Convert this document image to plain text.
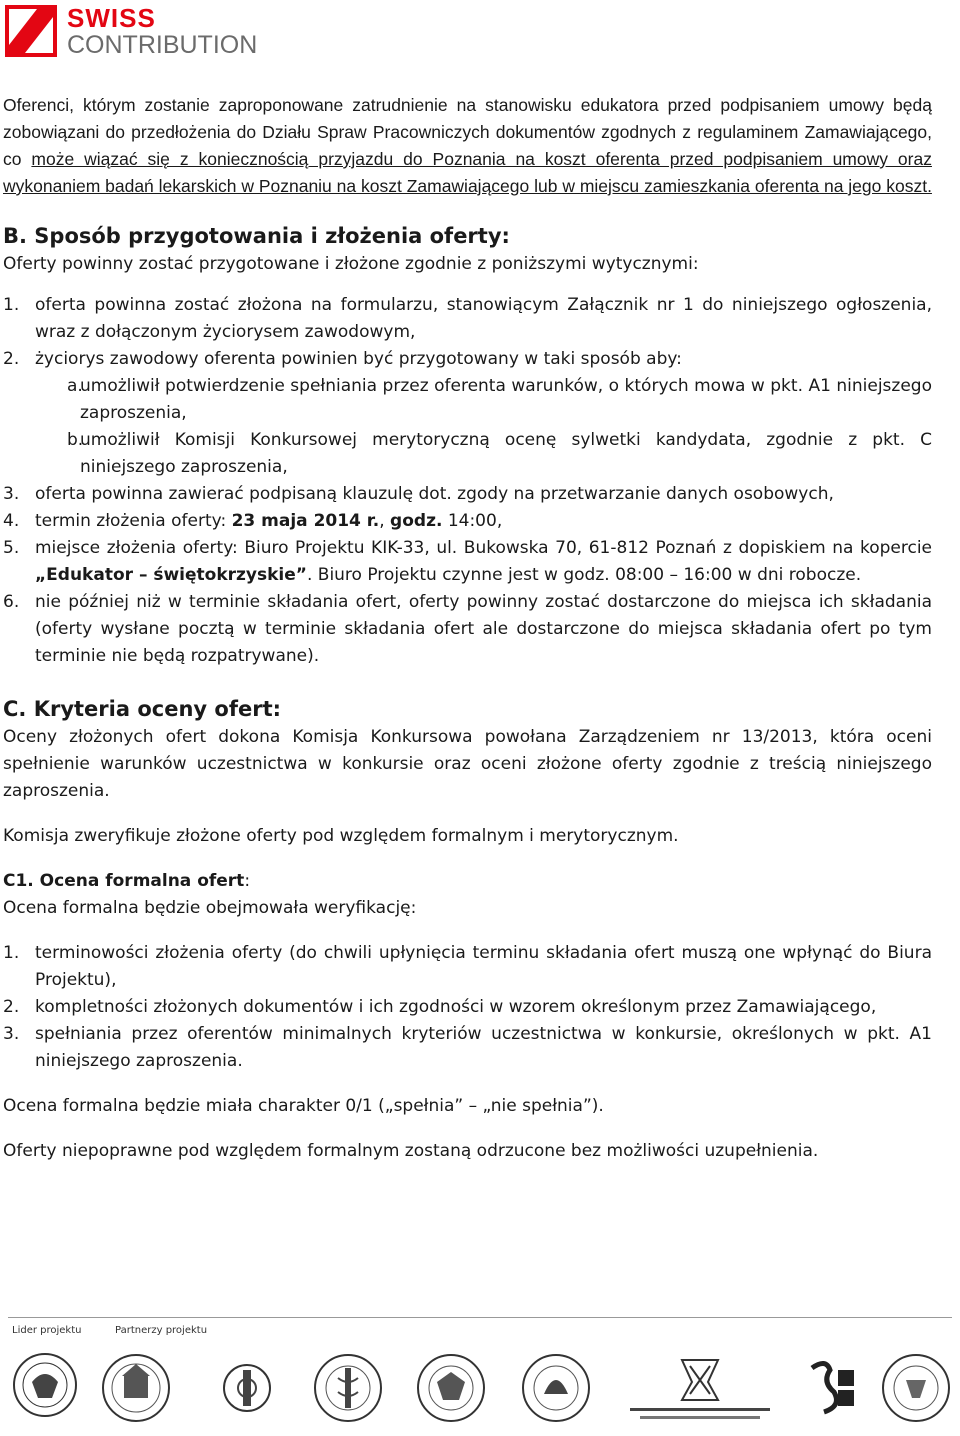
SWISS
CONTRIBUTION

Oferenci, którym zostanie zaproponowane zatrudnienie na stanowisku edukatora przed podpisaniem umowy będą zobowiązani do przedłożenia do Działu Spraw Pracowniczych dokumentów zgodnych z regulaminem Zamawiającego, co może wiązać się z koniecznością przyjazdu do Poznania na koszt oferenta przed podpisaniem umowy oraz wykonaniem badań lekarskich w Poznaniu na koszt Zamawiającego lub w miejscu zamieszkania oferenta na jego koszt.

B. Sposób przygotowania i złożenia oferty:

Oferty powinny zostać przygotowane i złożone zgodnie z poniższymi wytycznymi:

1. oferta powinna zostać złożona na formularzu, stanowiącym Załącznik nr 1 do niniejszego ogłoszenia, wraz z dołączonym życiorysem zawodowym,
2. życiorys zawodowy oferenta powinien być przygotowany w taki sposób aby:
a.
umożliwił potwierdzenie spełniania przez oferenta warunków, o których mowa w pkt. A1 niniejszego zaproszenia,
b.
umożliwił Komisji Konkursowej merytoryczną ocenę sylwetki kandydata, zgodnie z pkt. C niniejszego zaproszenia,
3. oferta powinna zawierać podpisaną klauzulę dot. zgody na przetwarzanie danych osobowych,
4. termin złożenia oferty: 23 maja 2014 r., godz. 14:00,
5. miejsce złożenia oferty: Biuro Projektu KIK-33, ul. Bukowska 70, 61-812 Poznań z dopiskiem na kopercie „Edukator – świętokrzyskie”. Biuro Projektu czynne jest w godz. 08:00 – 16:00 w dni robocze.
6. nie później niż w terminie składania ofert, oferty powinny zostać dostarczone do miejsca ich składania (oferty wysłane pocztą w terminie składania ofert ale dostarczone do miejsca składania ofert po tym terminie nie będą rozpatrywane).
C. Kryteria oceny ofert:

Oceny złożonych ofert dokona Komisja Konkursowa powołana Zarządzeniem nr 13/2013, która oceni spełnienie warunków uczestnictwa w konkursie oraz oceni złożone oferty zgodnie z treścią niniejszego zaproszenia.

Komisja zweryfikuje złożone oferty pod względem formalnym i merytorycznym.

C1. Ocena formalna ofert:

Ocena formalna będzie obejmowała weryfikację:

1. terminowości złożenia oferty (do chwili upłynięcia terminu składania ofert muszą one wpłynąć do Biura Projektu),
2. kompletności złożonych dokumentów i ich zgodności w wzorem określonym przez Zamawiającego,
3. spełniania przez oferentów minimalnych kryteriów uczestnictwa w konkursie, określonych w pkt. A1 niniejszego zaproszenia.

Ocena formalna będzie miała charakter 0/1 („spełnia” – „nie spełnia”).

Oferty niepoprawne pod względem formalnym zostaną odrzucone bez możliwości uzupełnienia.

Lider projektu	Partnerzy projektu
